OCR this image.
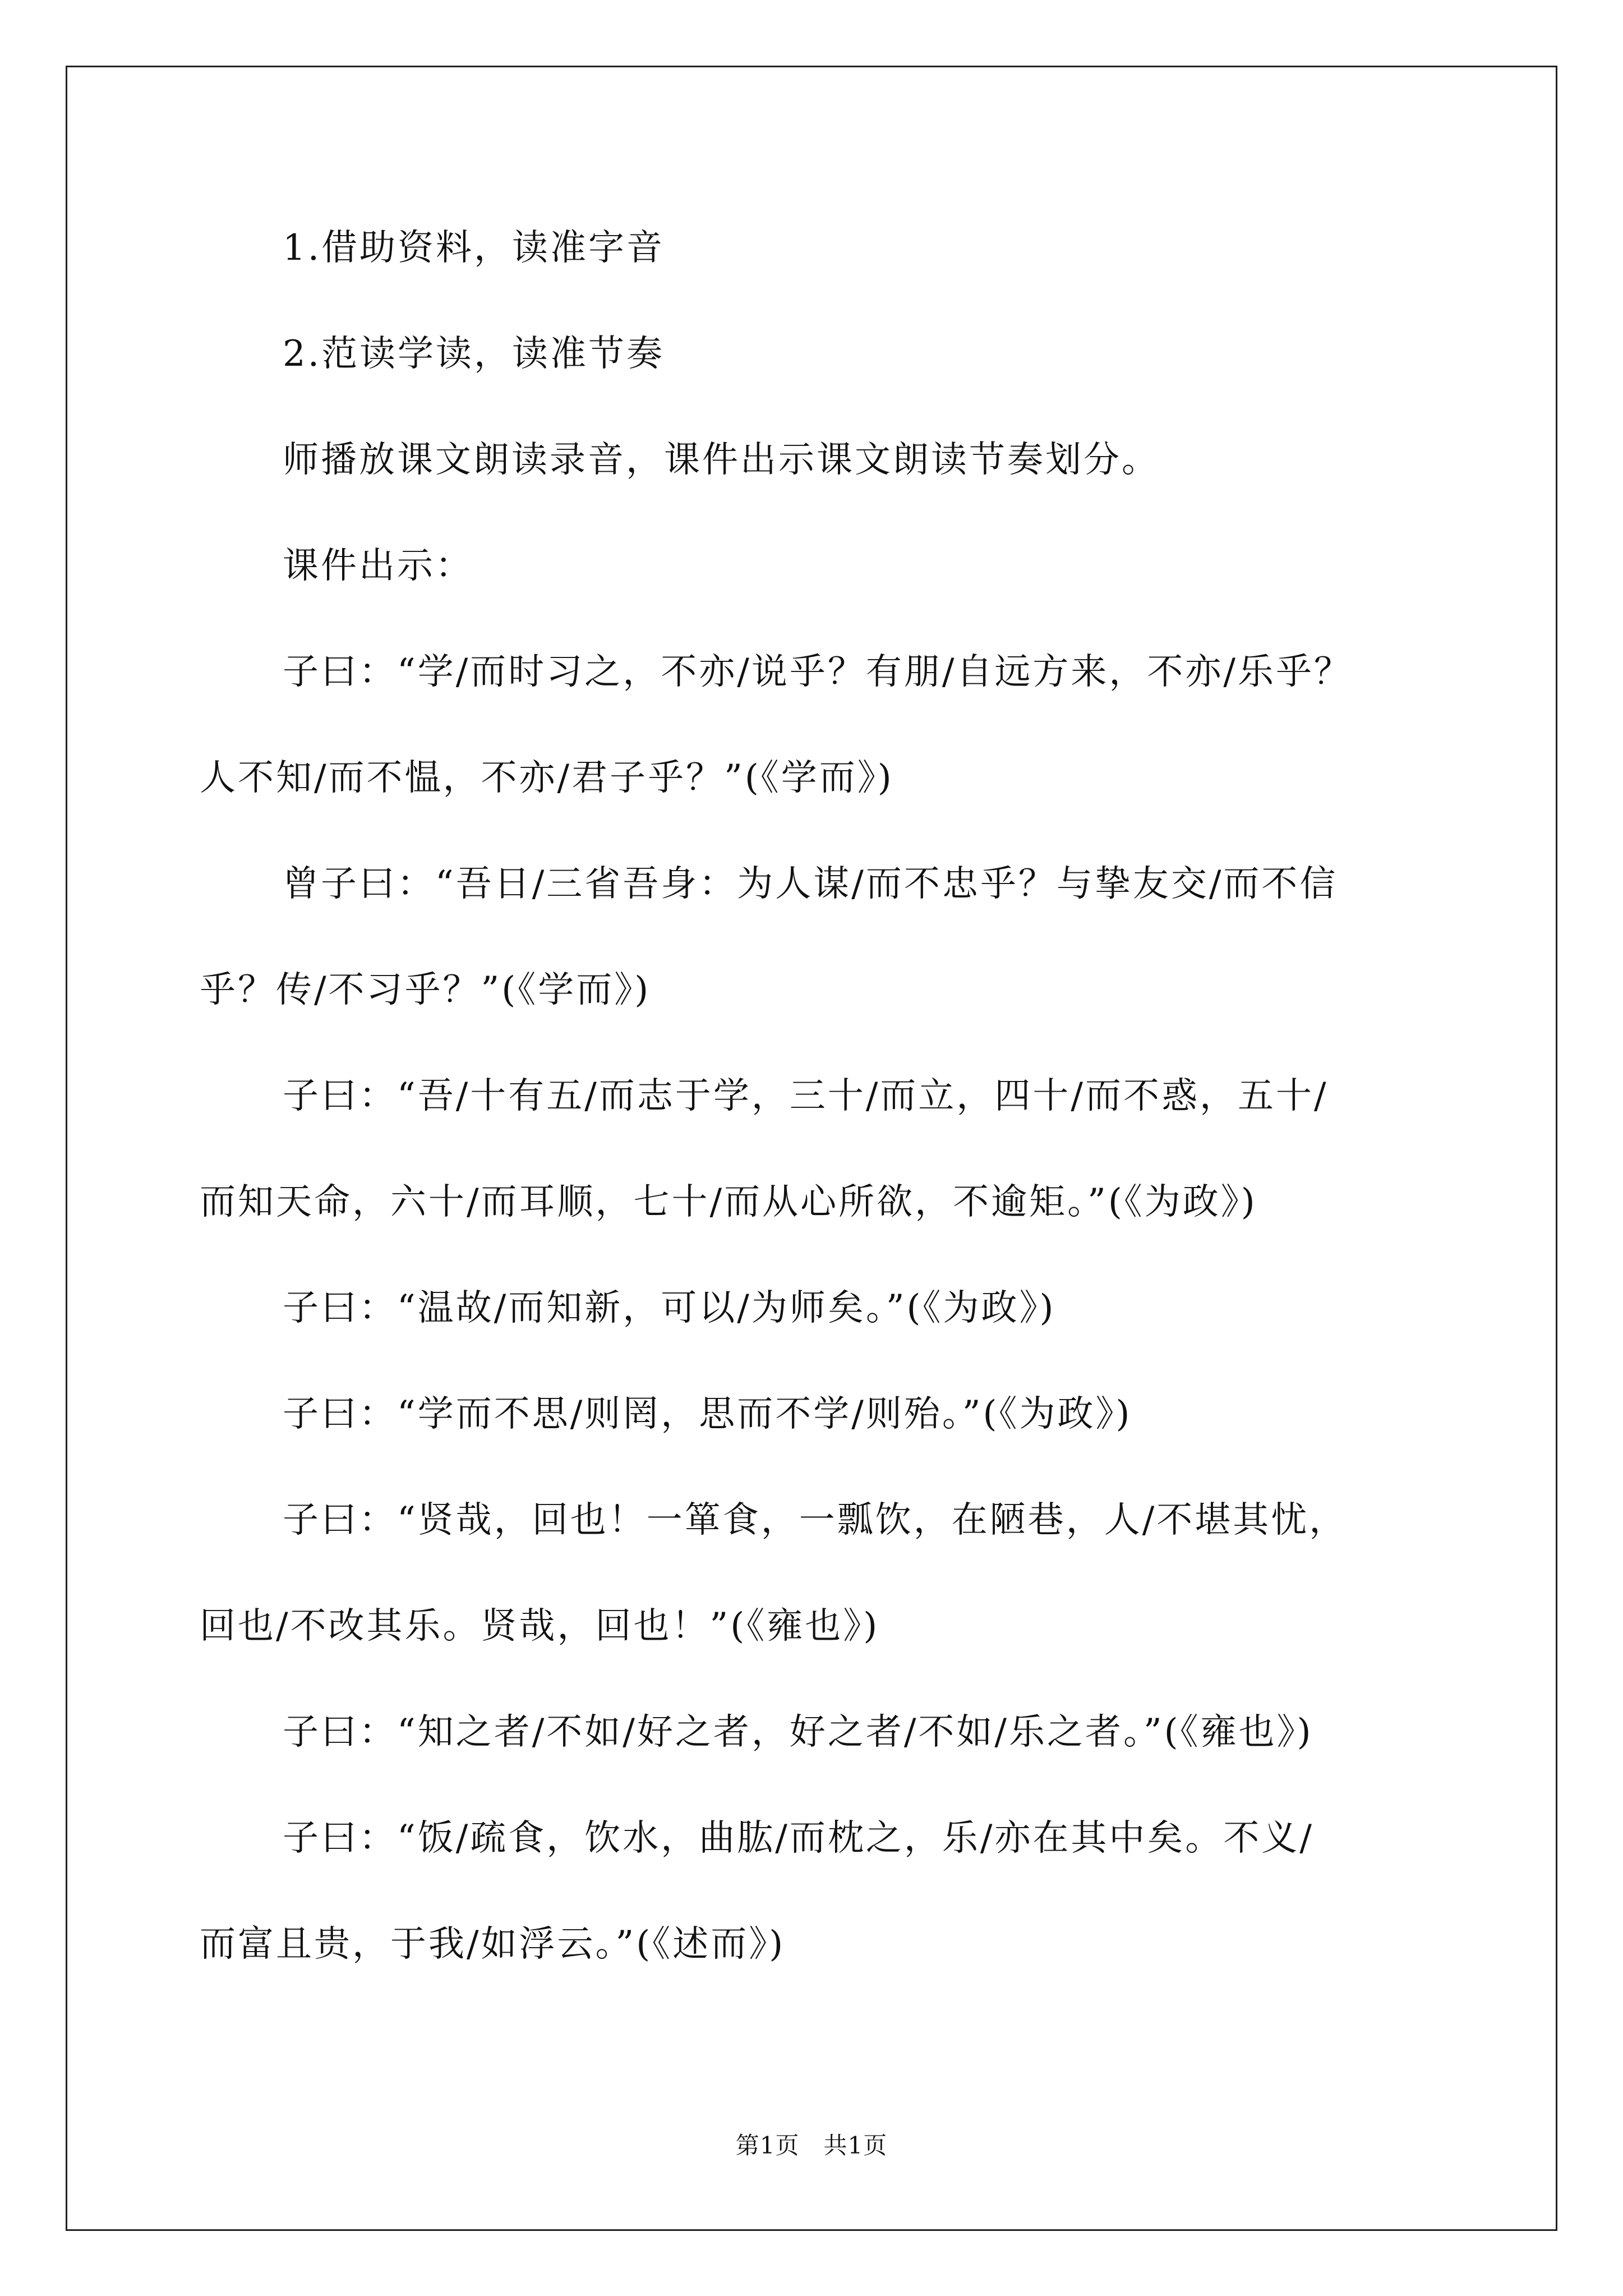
1.借助资料，读准字音
2.范读学读，读准节奏
师播放课文朗读录音，课件出示课文朗读节奏划分。
课件出示：
子曰：“学/而时习之，不亦/说乎？有朋/自远方来，不亦/乐乎？
人不知/而不愠，不亦/君子乎？”(《学而》)
曾子曰：“吾日/三省吾身：为人谋/而不忠乎？与挚友交/而不信
乎？传/不习乎？”(《学而》)
子曰：“吾/十有五/而志于学，三十/而立，四十/而不惑，五十/
而知天命，六十/而耳顺，七十/而从心所欲，不逾矩。”(《为政》)
子曰：“温故/而知新，可以/为师矣。”(《为政》)
子曰：“学而不思/则罔，思而不学/则殆。”(《为政》)
子曰：“贤哉，回也！一箪食，一瓢饮，在陋巷，人/不堪其忧，
回也/不改其乐。贤哉，回也！”(《雍也》)
子曰：“知之者/不如/好之者，好之者/不如/乐之者。”(《雍也》)
子曰：“饭/疏食，饮水，曲肱/而枕之，乐/亦在其中矣。不义/
而富且贵，于我/如浮云。”(《述而》)
第1页　共1页
